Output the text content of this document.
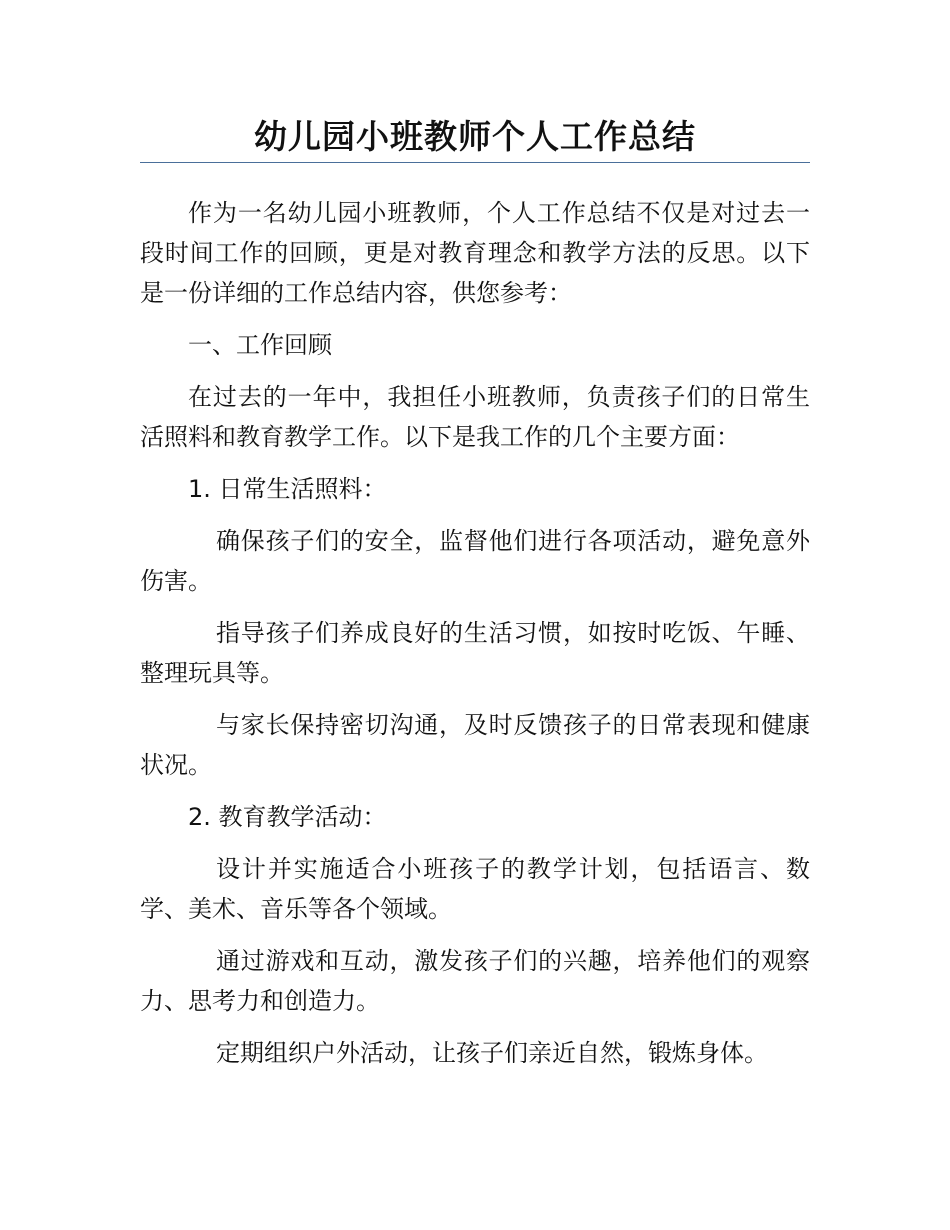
幼儿园小班教师个人工作总结

作为一名幼儿园小班教师，个人工作总结不仅是对过去一段时间工作的回顾，更是对教育理念和教学方法的反思。以下是一份详细的工作总结内容，供您参考：

一、工作回顾

在过去的一年中，我担任小班教师，负责孩子们的日常生活照料和教育教学工作。以下是我工作的几个主要方面：

1. 日常生活照料：

确保孩子们的安全，监督他们进行各项活动，避免意外伤害。

指导孩子们养成良好的生活习惯，如按时吃饭、午睡、整理玩具等。

与家长保持密切沟通，及时反馈孩子的日常表现和健康状况。

2. 教育教学活动：

设计并实施适合小班孩子的教学计划，包括语言、数学、美术、音乐等各个领域。

通过游戏和互动，激发孩子们的兴趣，培养他们的观察力、思考力和创造力。

定期组织户外活动，让孩子们亲近自然，锻炼身体。
